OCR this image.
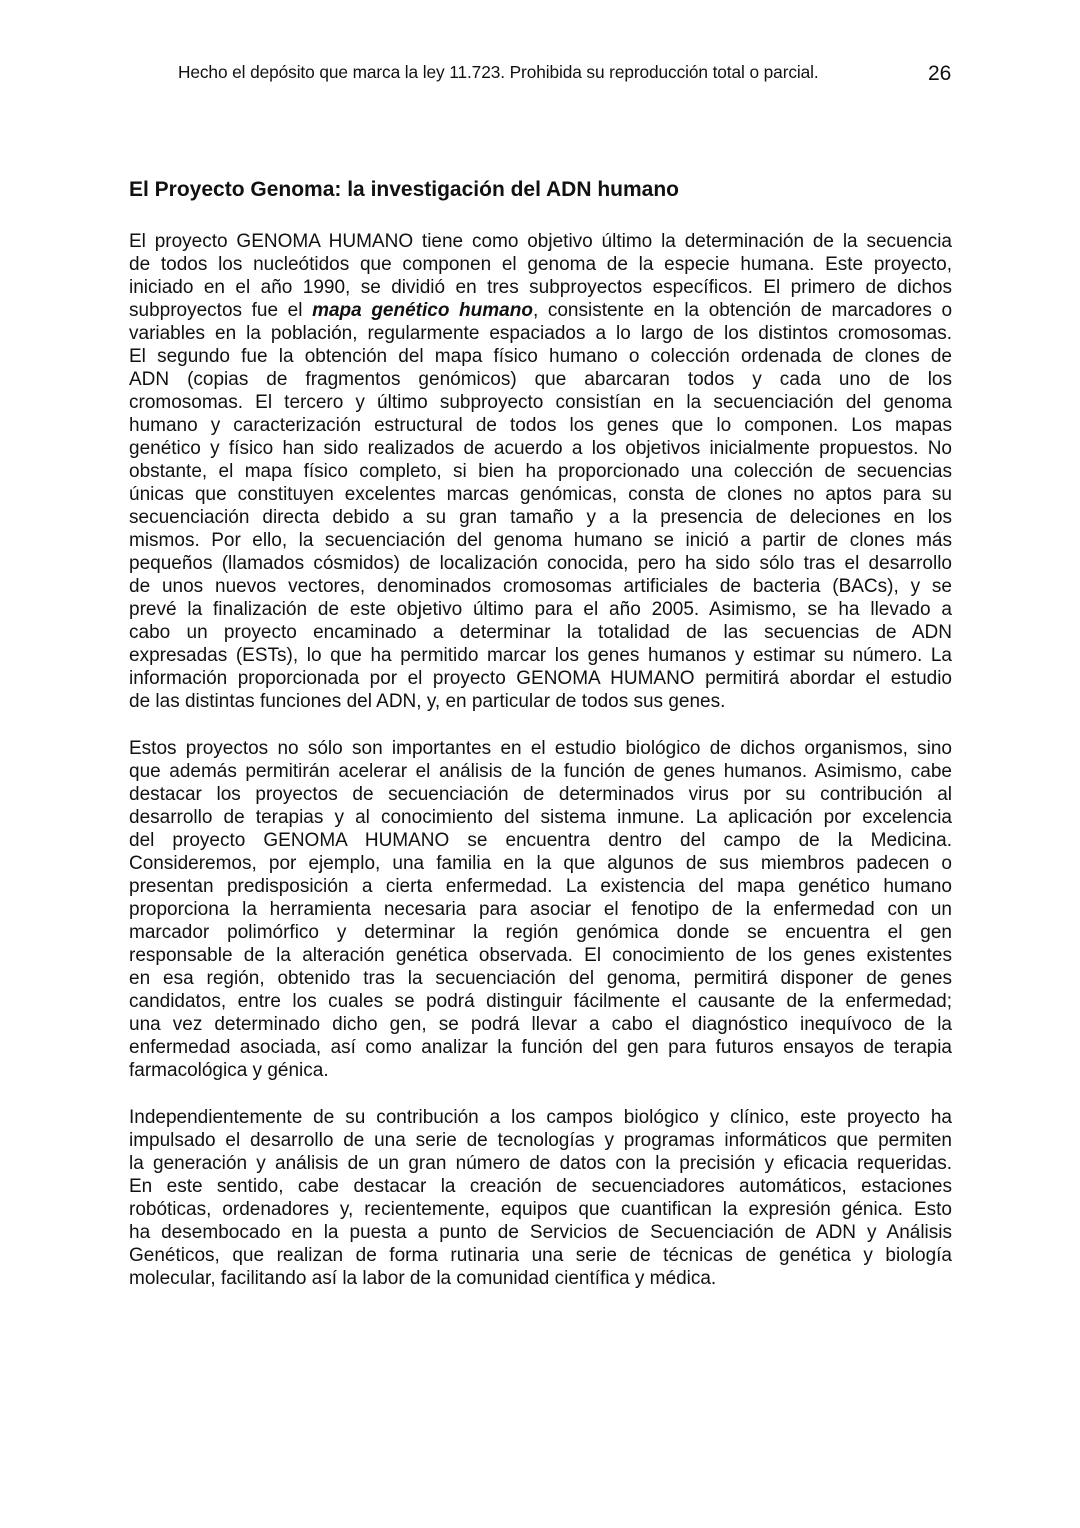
Hecho el depósito que marca la ley 11.723. Prohibida su reproducción total o parcial.	26
El Proyecto Genoma: la investigación del ADN humano
El proyecto GENOMA HUMANO tiene como objetivo último la determinación de la secuencia
de todos los nucleótidos que componen el genoma de la especie humana. Este proyecto,
iniciado en el año 1990, se dividió en tres subproyectos específicos. El primero de dichos
subproyectos fue el mapa genético humano, consistente en la obtención de marcadores o
variables en la población, regularmente espaciados a lo largo de los distintos cromosomas.
El segundo fue la obtención del mapa físico humano o colección ordenada de clones de
ADN (copias de fragmentos genómicos) que abarcaran todos y cada uno de los
cromosomas. El tercero y último subproyecto consistían en la secuenciación del genoma
humano y caracterización estructural de todos los genes que lo componen. Los mapas
genético y físico han sido realizados de acuerdo a los objetivos inicialmente propuestos. No
obstante, el mapa físico completo, si bien ha proporcionado una colección de secuencias
únicas que constituyen excelentes marcas genómicas, consta de clones no aptos para su
secuenciación directa debido a su gran tamaño y a la presencia de deleciones en los
mismos. Por ello, la secuenciación del genoma humano se inició a partir de clones más
pequeños (llamados cósmidos) de localización conocida, pero ha sido sólo tras el desarrollo
de unos nuevos vectores, denominados cromosomas artificiales de bacteria (BACs), y se
prevé la finalización de este objetivo último para el año 2005. Asimismo, se ha llevado a
cabo un proyecto encaminado a determinar la totalidad de las secuencias de ADN
expresadas (ESTs), lo que ha permitido marcar los genes humanos y estimar su número. La
información proporcionada por el proyecto GENOMA HUMANO permitirá abordar el estudio
de las distintas funciones del ADN, y, en particular de todos sus genes.
Estos proyectos no sólo son importantes en el estudio biológico de dichos organismos, sino
que además permitirán acelerar el análisis de la función de genes humanos. Asimismo, cabe
destacar los proyectos de secuenciación de determinados virus por su contribución al
desarrollo de terapias y al conocimiento del sistema inmune. La aplicación por excelencia
del proyecto GENOMA HUMANO se encuentra dentro del campo de la Medicina.
Consideremos, por ejemplo, una familia en la que algunos de sus miembros padecen o
presentan predisposición a cierta enfermedad. La existencia del mapa genético humano
proporciona la herramienta necesaria para asociar el fenotipo de la enfermedad con un
marcador polimórfico y determinar la región genómica donde se encuentra el gen
responsable de la alteración genética observada. El conocimiento de los genes existentes
en esa región, obtenido tras la secuenciación del genoma, permitirá disponer de genes
candidatos, entre los cuales se podrá distinguir fácilmente el causante de la enfermedad;
una vez determinado dicho gen, se podrá llevar a cabo el diagnóstico inequívoco de la
enfermedad asociada, así como analizar la función del gen para futuros ensayos de terapia
farmacológica y génica.
Independientemente de su contribución a los campos biológico y clínico, este proyecto ha
impulsado el desarrollo de una serie de tecnologías y programas informáticos que permiten
la generación y análisis de un gran número de datos con la precisión y eficacia requeridas.
En este sentido, cabe destacar la creación de secuenciadores automáticos, estaciones
robóticas, ordenadores y, recientemente, equipos que cuantifican la expresión génica. Esto
ha desembocado en la puesta a punto de Servicios de Secuenciación de ADN y Análisis
Genéticos, que realizan de forma rutinaria una serie de técnicas de genética y biología
molecular, facilitando así la labor de la comunidad científica y médica.
